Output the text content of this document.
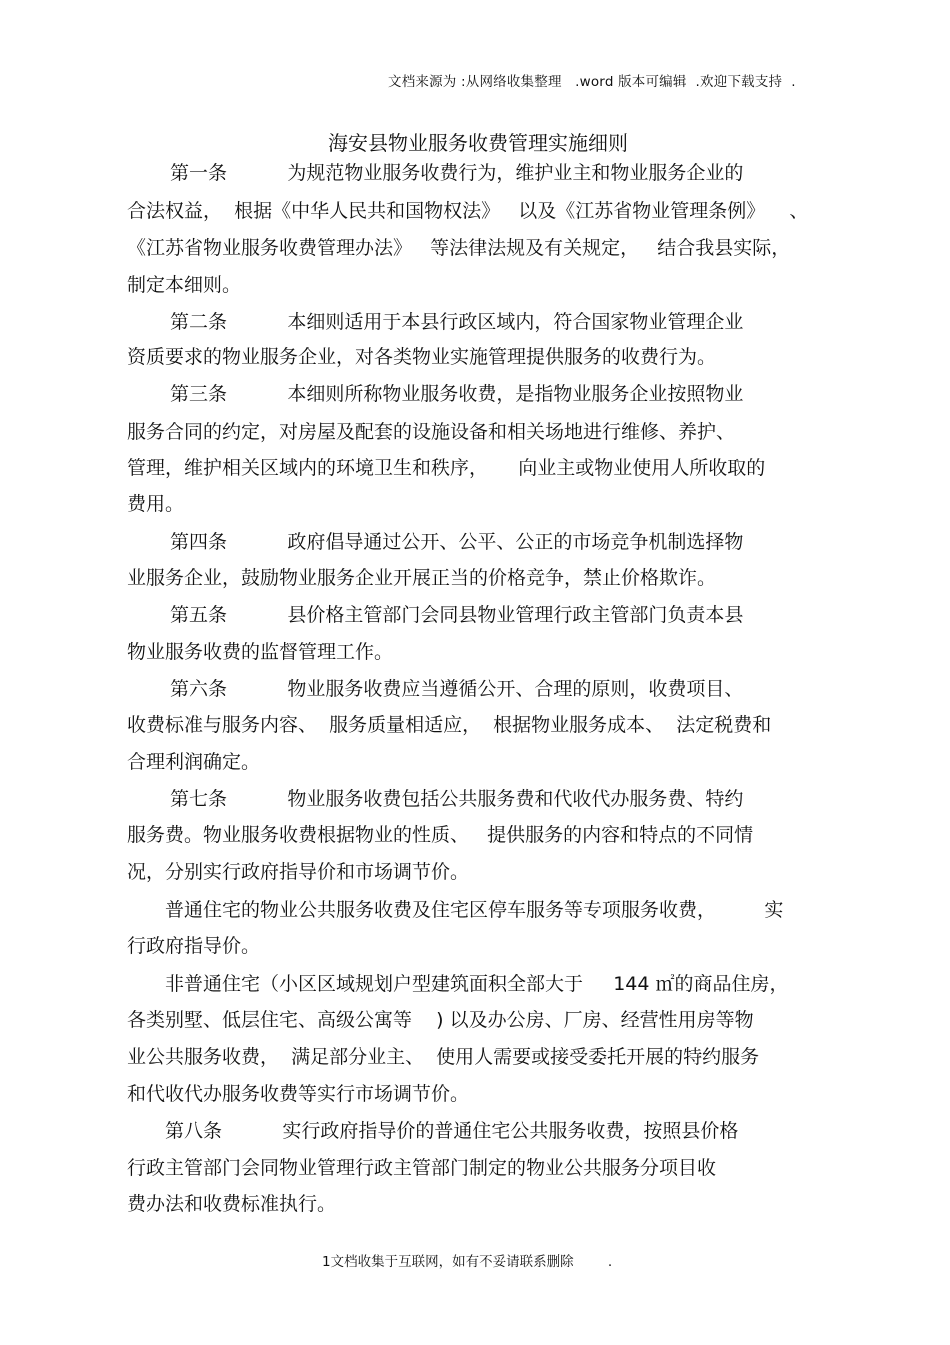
文档来源为 :从网络收集整理   .word 版本可编辑  .欢迎下载支持  .
海安县物业服务收费管理实施细则
第一条          为规范物业服务收费行为，维护业主和物业服务企业的
合法权益，  根据《中华人民共和国物权法》   以及《江苏省物业管理条例》    、
《江苏省物业服务收费管理办法》   等法律法规及有关规定，   结合我县实际，
制定本细则。
第二条          本细则适用于本县行政区域内，符合国家物业管理企业
资质要求的物业服务企业，对各类物业实施管理提供服务的收费行为。
第三条          本细则所称物业服务收费，是指物业服务企业按照物业
服务合同的约定，对房屋及配套的设施设备和相关场地进行维修、养护、
管理，维护相关区域内的环境卫生和秩序，     向业主或物业使用人所收取的
费用。
第四条          政府倡导通过公开、公平、公正的市场竞争机制选择物
业服务企业，鼓励物业服务企业开展正当的价格竞争，禁止价格欺诈。
第五条          县价格主管部门会同县物业管理行政主管部门负责本县
物业服务收费的监督管理工作。
第六条          物业服务收费应当遵循公开、合理的原则，收费项目、
收费标准与服务内容、  服务质量相适应，  根据物业服务成本、  法定税费和
合理利润确定。
第七条          物业服务收费包括公共服务费和代收代办服务费、特约
服务费。物业服务收费根据物业的性质、   提供服务的内容和特点的不同情
况，分别实行政府指导价和市场调节价。
普通住宅的物业公共服务收费及住宅区停车服务等专项服务收费，        实
行政府指导价。
非普通住宅（小区区域规划户型建筑面积全部大于     144 ㎡的商品住房，
各类别墅、低层住宅、高级公寓等    ) 以及办公房、厂房、经营性用房等物
业公共服务收费，  满足部分业主、  使用人需要或接受委托开展的特约服务
和代收代办服务收费等实行市场调节价。
第八条          实行政府指导价的普通住宅公共服务收费，按照县价格
行政主管部门会同物业管理行政主管部门制定的物业公共服务分项目收
费办法和收费标准执行。
1文档收集于互联网，如有不妥请联系删除        .
